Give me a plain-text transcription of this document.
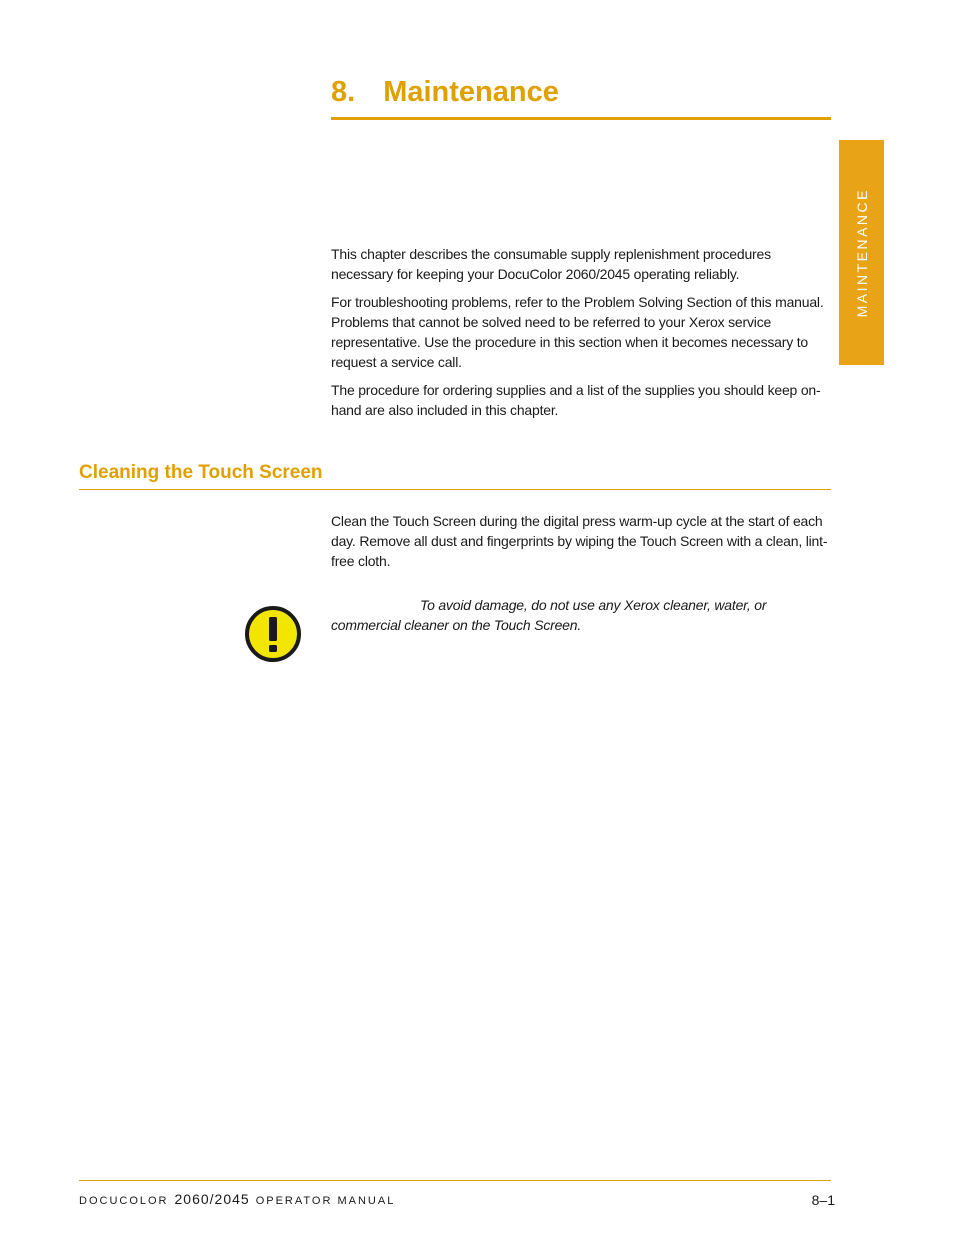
8. Maintenance
MAINTENANCE

This chapter describes the consumable supply replenishment procedures necessary for keeping your DocuColor 2060/2045 operating reliably.

For troubleshooting problems, refer to the Problem Solving Section of this manual. Problems that cannot be solved need to be referred to your Xerox service representative. Use the procedure in this section when it becomes necessary to request a service call.

The procedure for ordering supplies and a list of the supplies you should keep on-hand are also included in this chapter.

Cleaning the Touch Screen

Clean the Touch Screen during the digital press warm-up cycle at the start of each day. Remove all dust and fingerprints by wiping the Touch Screen with a clean, lint-free cloth.

To avoid damage, do not use any Xerox cleaner, water, or commercial cleaner on the Touch Screen.

DOCUCOLOR 2060/2045 OPERATOR MANUAL	8–1
